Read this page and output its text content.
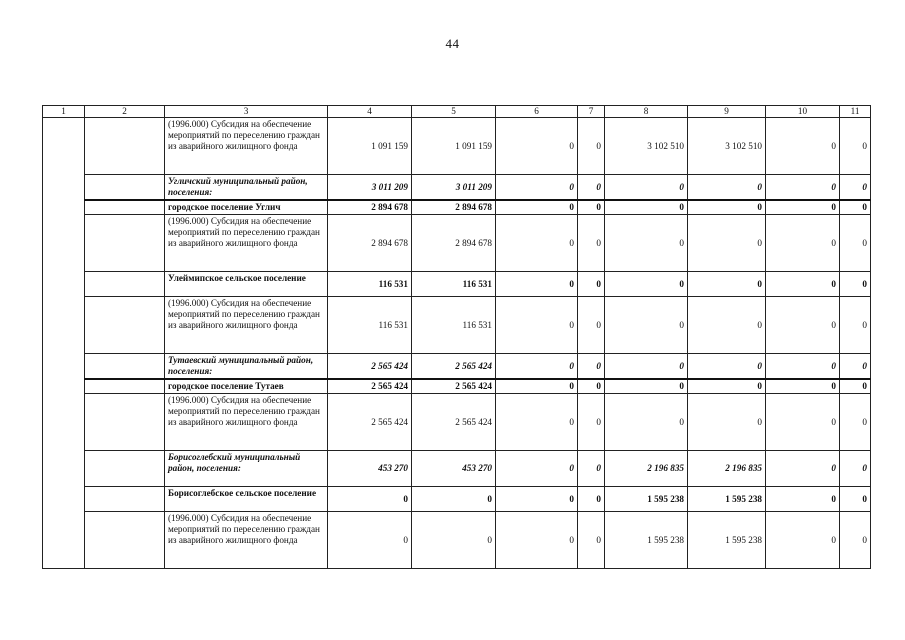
44
1	2	3	4	5	6	7	8	9	10	11
		(1996.000) Субсидия на обеспечение мероприятий по переселению граждан из аварийного жилищного фонда	1 091 159	1 091 159	0	0	3 102 510	3 102 510	0	0
		Угличский муниципальный район, поселения:	3 011 209	3 011 209	0	0	0	0	0	0
		городское поселение Углич	2 894 678	2 894 678	0	0	0	0	0	0
		(1996.000) Субсидия на обеспечение мероприятий по переселению граждан из аварийного жилищного фонда	2 894 678	2 894 678	0	0	0	0	0	0
		Улеймипское сельское поселение	116 531	116 531	0	0	0	0	0	0
		(1996.000) Субсидия на обеспечение мероприятий по переселению граждан из аварийного жилищного фонда	116 531	116 531	0	0	0	0	0	0
		Тутаевский муниципальный район, поселения:	2 565 424	2 565 424	0	0	0	0	0	0
		городское поселение Тутаев	2 565 424	2 565 424	0	0	0	0	0	0
		(1996.000) Субсидия на обеспечение мероприятий по переселению граждан из аварийного жилищного фонда	2 565 424	2 565 424	0	0	0	0	0	0
		Борисоглебский муниципальный район, поселения:	453 270	453 270	0	0	2 196 835	2 196 835	0	0
		Борисоглебское сельское поселение	0	0	0	0	1 595 238	1 595 238	0	0
		(1996.000) Субсидия на обеспечение мероприятий по переселению граждан из аварийного жилищного фонда	0	0	0	0	1 595 238	1 595 238	0	0
